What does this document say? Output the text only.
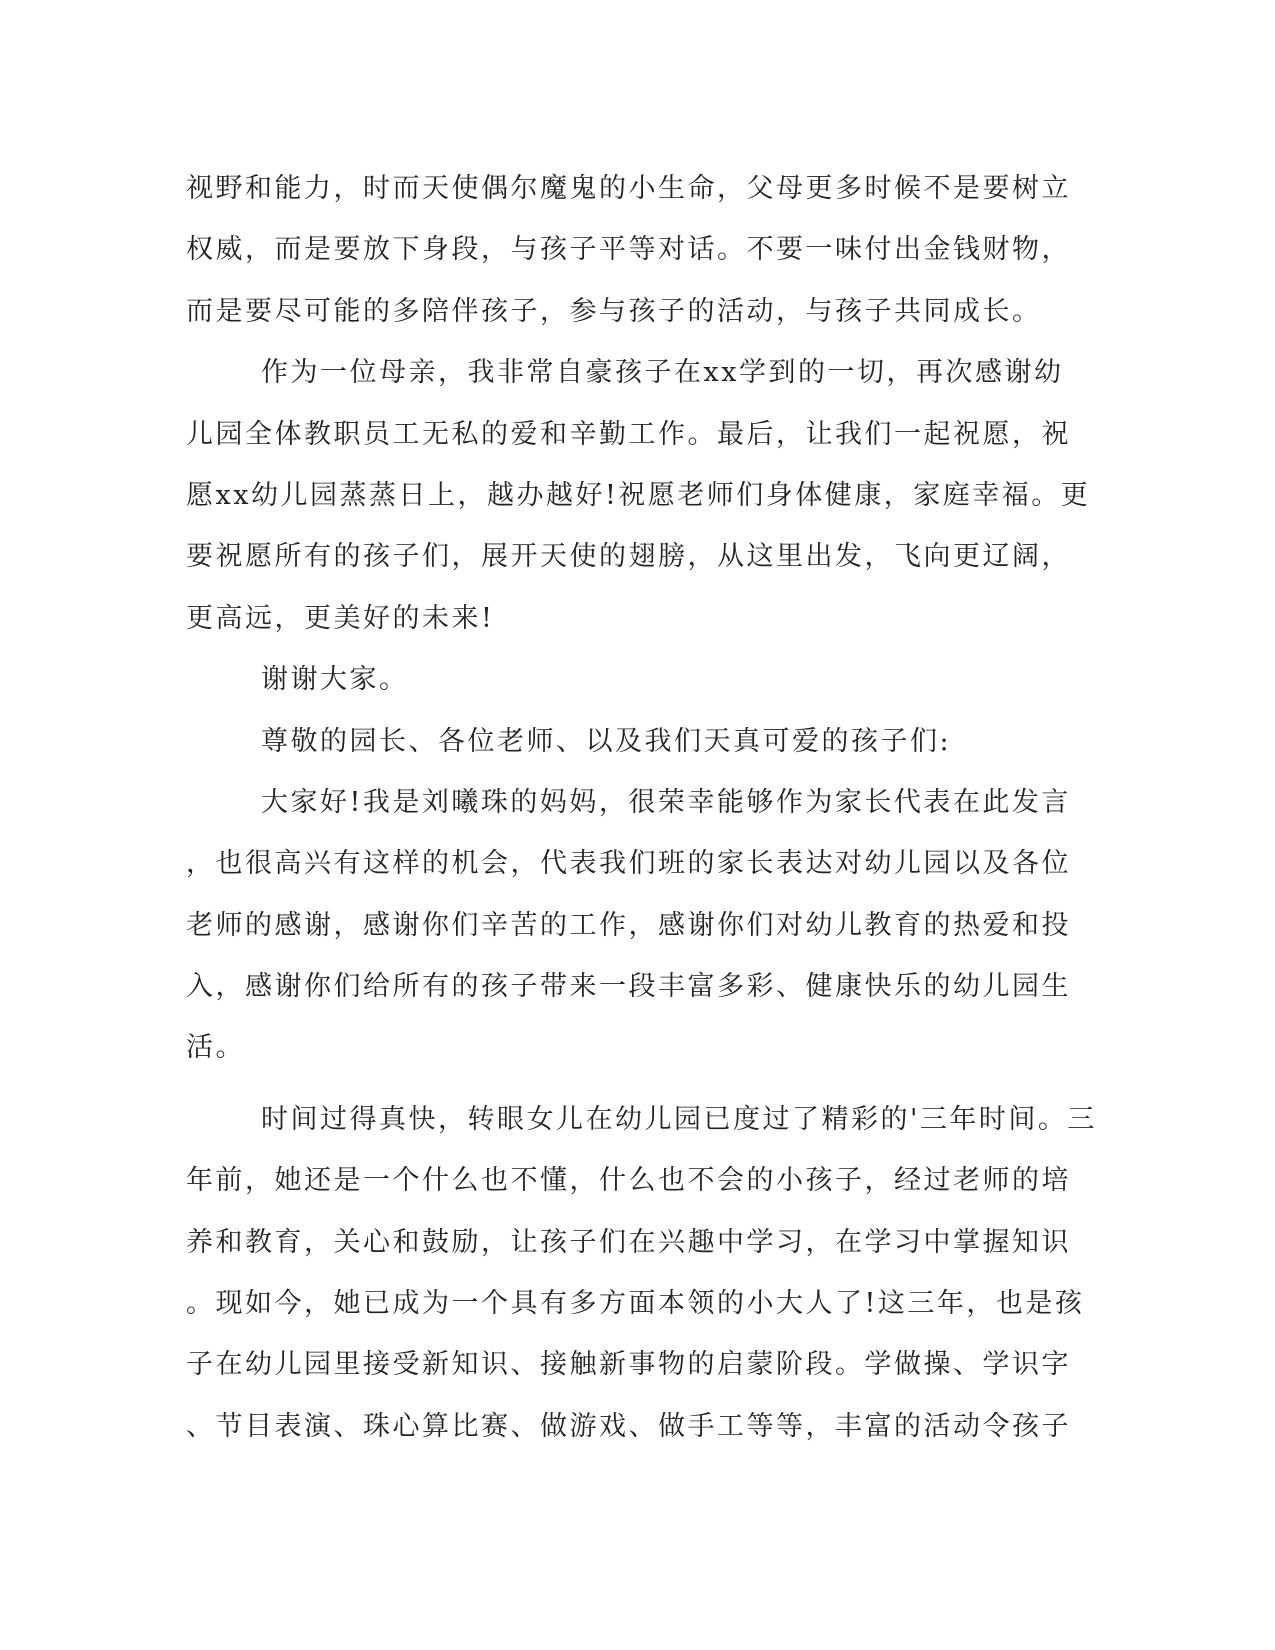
视野和能力，时而天使偶尔魔鬼的小生命，父母更多时候不是要树立
权威，而是要放下身段，与孩子平等对话。不要一味付出金钱财物，
而是要尽可能的多陪伴孩子，参与孩子的活动，与孩子共同成长。
作为一位母亲，我非常自豪孩子在xx学到的一切，再次感谢幼
儿园全体教职员工无私的爱和辛勤工作。最后，让我们一起祝愿，祝
愿xx幼儿园蒸蒸日上，越办越好!祝愿老师们身体健康，家庭幸福。更
要祝愿所有的孩子们，展开天使的翅膀，从这里出发，飞向更辽阔，
更高远，更美好的未来!
谢谢大家。
尊敬的园长、各位老师、以及我们天真可爱的孩子们:
大家好!我是刘曦珠的妈妈，很荣幸能够作为家长代表在此发言
，也很高兴有这样的机会，代表我们班的家长表达对幼儿园以及各位
老师的感谢，感谢你们辛苦的工作，感谢你们对幼儿教育的热爱和投
入，感谢你们给所有的孩子带来一段丰富多彩、健康快乐的幼儿园生
活。
时间过得真快，转眼女儿在幼儿园已度过了精彩的'三年时间。三
年前，她还是一个什么也不懂，什么也不会的小孩子，经过老师的培
养和教育，关心和鼓励，让孩子们在兴趣中学习，在学习中掌握知识
。现如今，她已成为一个具有多方面本领的小大人了!这三年，也是孩
子在幼儿园里接受新知识、接触新事物的启蒙阶段。学做操、学识字
、节目表演、珠心算比赛、做游戏、做手工等等，丰富的活动令孩子
